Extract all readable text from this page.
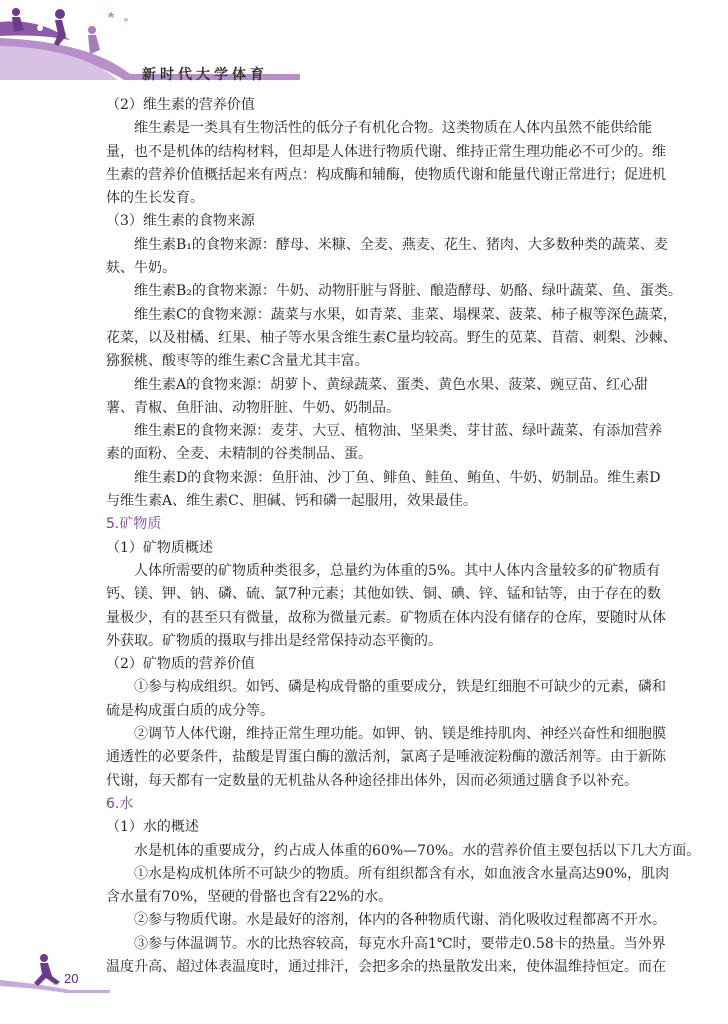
新时代大学体育
（2）维生素的营养价值
维生素是一类具有生物活性的低分子有机化合物。这类物质在人体内虽然不能供给能
量，也不是机体的结构材料，但却是人体进行物质代谢、维持正常生理功能必不可少的。维
生素的营养价值概括起来有两点：构成酶和辅酶，使物质代谢和能量代谢正常进行；促进机
体的生长发育。
（3）维生素的食物来源
维生素B₁的食物来源：酵母、米糠、全麦、燕麦、花生、猪肉、大多数种类的蔬菜、麦
麸、牛奶。
维生素B₂的食物来源：牛奶、动物肝脏与肾脏、酿造酵母、奶酪、绿叶蔬菜、鱼、蛋类。
维生素C的食物来源：蔬菜与水果，如青菜、韭菜、塌棵菜、菠菜、柿子椒等深色蔬菜，
花菜，以及柑橘、红果、柚子等水果含维生素C量均较高。野生的苋菜、苜蓿、刺梨、沙棘、
猕猴桃、酸枣等的维生素C含量尤其丰富。
维生素A的食物来源：胡萝卜、黄绿蔬菜、蛋类、黄色水果、菠菜、豌豆苗、红心甜
薯、青椒、鱼肝油、动物肝脏、牛奶、奶制品。
维生素E的食物来源：麦芽、大豆、植物油、坚果类、芽甘蓝、绿叶蔬菜、有添加营养
素的面粉、全麦、未精制的谷类制品、蛋。
维生素D的食物来源：鱼肝油、沙丁鱼、鲱鱼、鲑鱼、鲔鱼、牛奶、奶制品。维生素D
与维生素A、维生素C、胆碱、钙和磷一起服用，效果最佳。
5.矿物质
（1）矿物质概述
人体所需要的矿物质种类很多，总量约为体重的5%。其中人体内含量较多的矿物质有
钙、镁、钾、钠、磷、硫、氯7种元素；其他如铁、铜、碘、锌、锰和钴等，由于存在的数
量极少，有的甚至只有微量，故称为微量元素。矿物质在体内没有储存的仓库，要随时从体
外获取。矿物质的摄取与排出是经常保持动态平衡的。
（2）矿物质的营养价值
①参与构成组织。如钙、磷是构成骨骼的重要成分，铁是红细胞不可缺少的元素，磷和
硫是构成蛋白质的成分等。
②调节人体代谢，维持正常生理功能。如钾、钠、镁是维持肌肉、神经兴奋性和细胞膜
通透性的必要条件，盐酸是胃蛋白酶的激活剂，氯离子是唾液淀粉酶的激活剂等。由于新陈
代谢，每天都有一定数量的无机盐从各种途径排出体外，因而必须通过膳食予以补充。
6.水
（1）水的概述
水是机体的重要成分，约占成人体重的60%—70%。水的营养价值主要包括以下几大方面。
①水是构成机体所不可缺少的物质。所有组织都含有水，如血液含水量高达90%，肌肉
含水量有70%，坚硬的骨骼也含有22%的水。
②参与物质代谢。水是最好的溶剂，体内的各种物质代谢、消化吸收过程都离不开水。
③参与体温调节。水的比热容较高，每克水升高1℃时，要带走0.58卡的热量。当外界
温度升高、超过体表温度时，通过排汗，会把多余的热量散发出来，使体温维持恒定。而在
20
